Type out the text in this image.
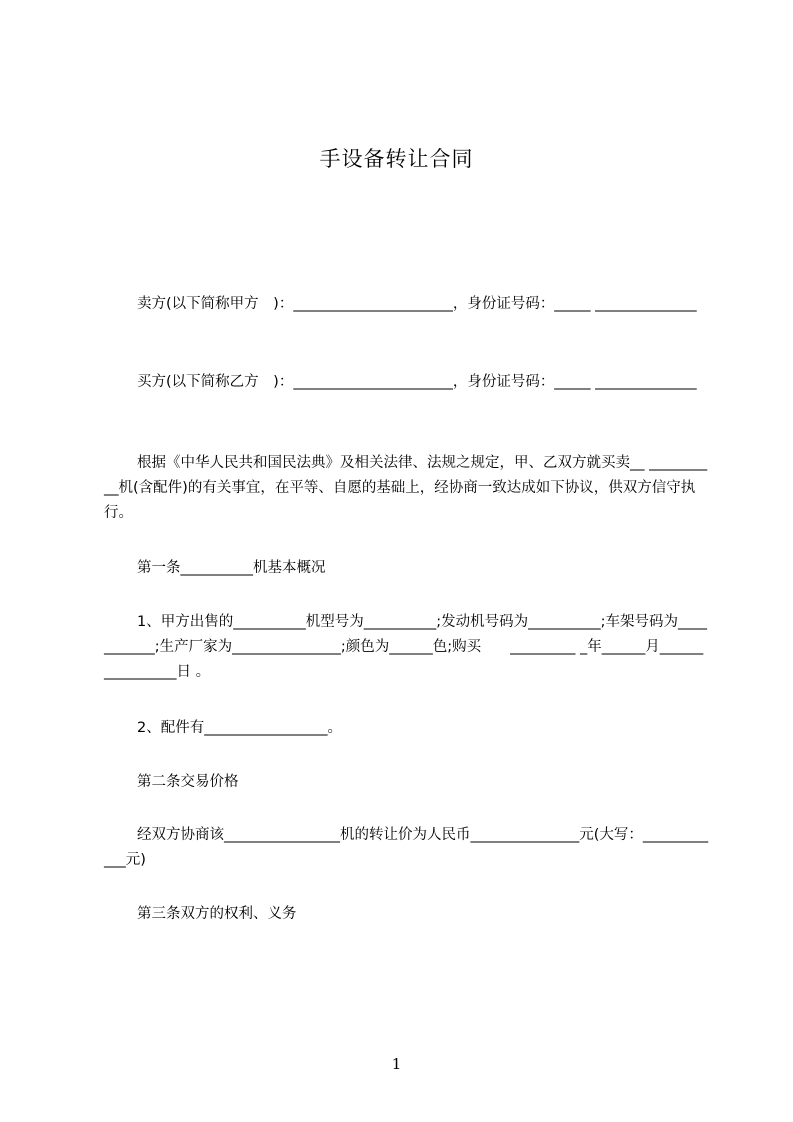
手设备转让合同
卖方(以下简称甲方　)：______________________，身份证号码：_____ ______________
买方(以下简称乙方　)：______________________，身份证号码：_____ ______________
根据《中华人民共和国民法典》及相关法律、法规之规定，甲、乙双方就买卖__ __________机(含配件)的有关事宜，在平等、自愿的基础上，经协商一致达成如下协议，供双方信守执行。
第一条__________机基本概况
1、甲方出售的__________机型号为__________;发动机号码为__________;车架号码为___________;生产厂家为_______________;颜色为______色;购买　　_________ _年______月________________日 。
2、配件有_________________。
第二条交易价格
经双方协商该________________机的转让价为人民币_______________元(大写：____________元)
第三条双方的权利、义务
1
